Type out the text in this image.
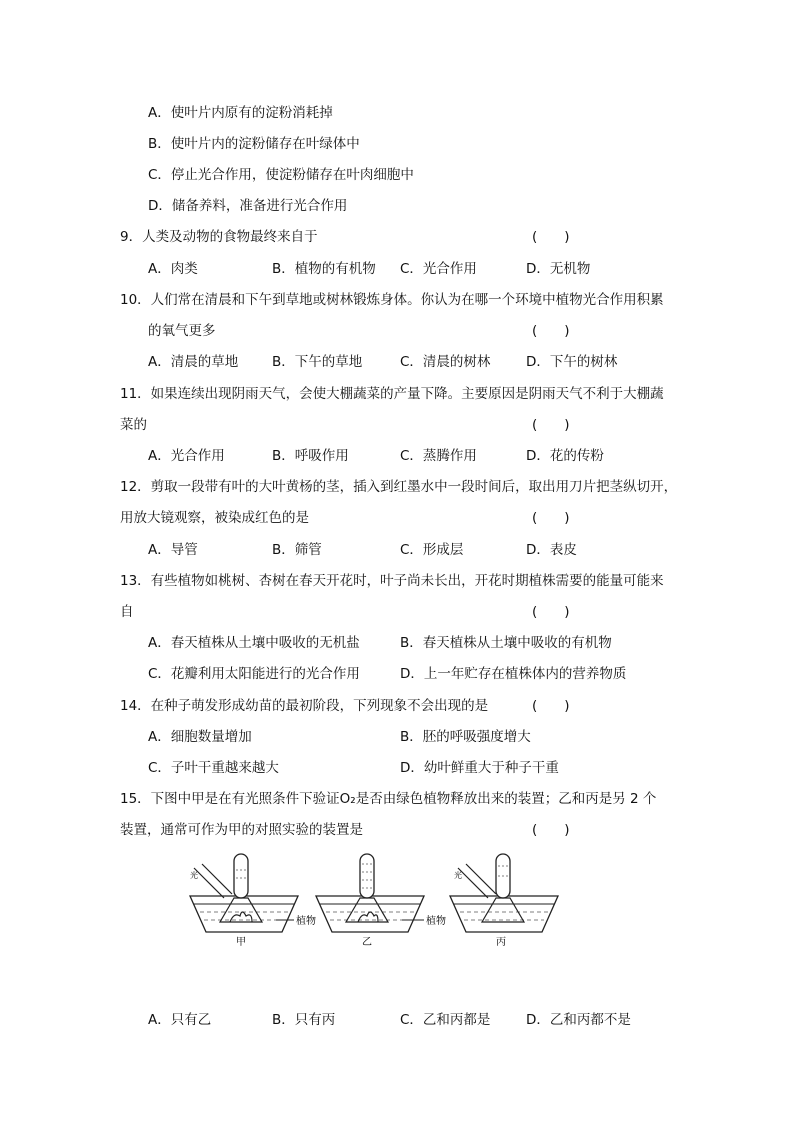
A．使叶片内原有的淀粉消耗掉
B．使叶片内的淀粉储存在叶绿体中
C．停止光合作用，使淀粉储存在叶肉细胞中
D．储备养料，准备进行光合作用
9．人类及动物的食物最终来自于	(　　)
A．肉类	B．植物的有机物 C．光合作用	D．无机物
10．人们常在清晨和下午到草地或树林锻炼身体。你认为在哪一个环境中植物光合作用积累
的氧气更多	(　　)
A．清晨的草地	B．下午的草地	C．清晨的树林	D．下午的树林
11．如果连续出现阴雨天气，会使大棚蔬菜的产量下降。主要原因是阴雨天气不利于大棚蔬
菜的	(　　)
A．光合作用	B．呼吸作用	C．蒸腾作用	D．花的传粉
12．剪取一段带有叶的大叶黄杨的茎，插入到红墨水中一段时间后，取出用刀片把茎纵切开，
用放大镜观察，被染成红色的是	(　　)
A．导管	B．筛管	C．形成层	D．表皮
13．有些植物如桃树、杏树在春天开花时，叶子尚未长出，开花时期植株需要的能量可能来
自	(　　)
A．春天植株从土壤中吸收的无机盐	B．春天植株从土壤中吸收的有机物
C．花瓣利用太阳能进行的光合作用	D．上一年贮存在植株体内的营养物质
14．在种子萌发形成幼苗的最初阶段，下列现象不会出现的是	(　　)
A．细胞数量增加	B．胚的呼吸强度增大
C．子叶干重越来越大	D．幼叶鲜重大于种子干重
15．下图中甲是在有光照条件下验证O₂是否由绿色植物释放出来的装置；乙和丙是另 2 个
装置，通常可作为甲的对照实验的装置是	(　　)
光
植物
甲
植物
乙
光
丙
A．只有乙	B．只有丙	C．乙和丙都是	D．乙和丙都不是
